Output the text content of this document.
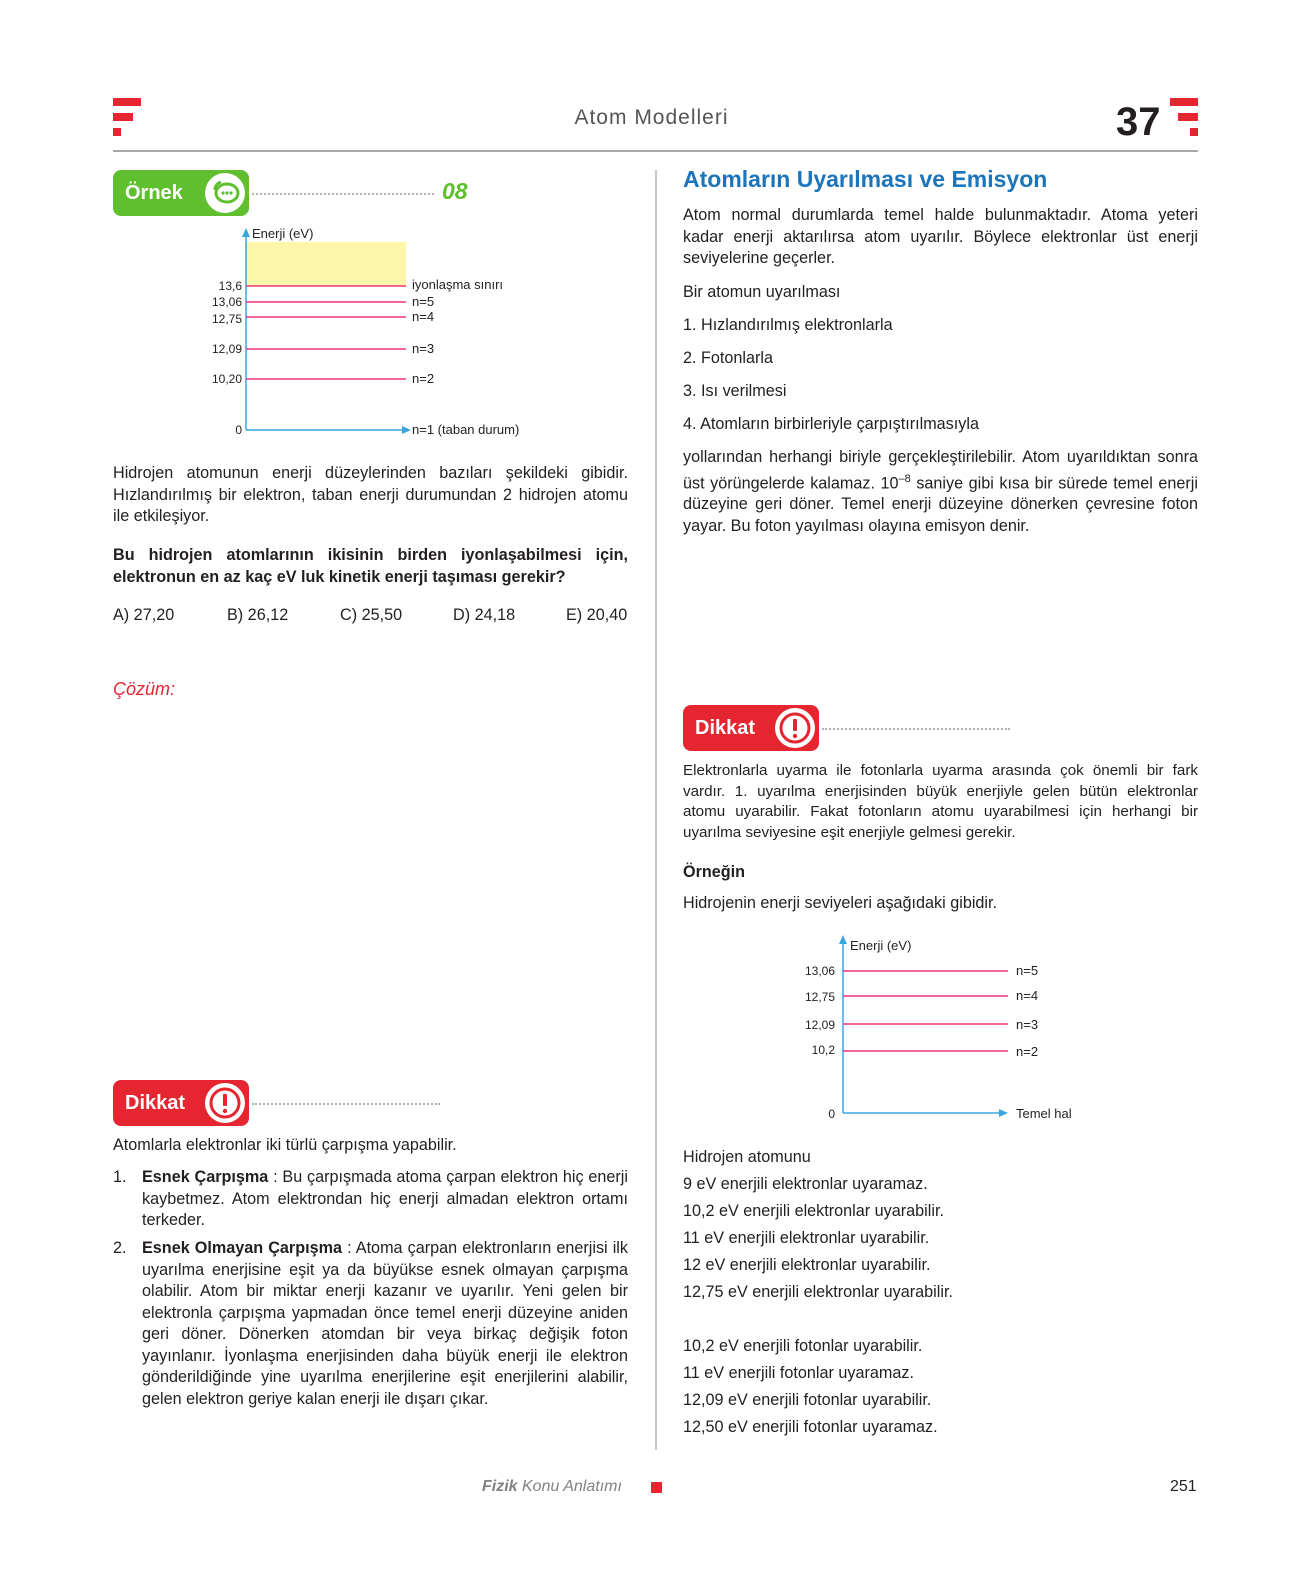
Atom Modelleri	37
Örnek	08
Enerji (eV)
13,6	iyonlaşma sınırı
13,06	n=5
12,75	n=4
12,09	n=3
10,20	n=2
0	n=1 (taban durum)
Hidrojen atomunun enerji düzeylerinden bazıları şekildeki gibidir. Hızlandırılmış bir elektron, taban enerji durumundan 2 hidrojen atomu ile etkileşiyor.
Bu hidrojen atomlarının ikisinin birden iyonlaşabilmesi için, elektronun en az kaç eV luk kinetik enerji taşıması gerekir?
A) 27,20	B) 26,12	C) 25,50	D) 24,18	E) 20,40
Çözüm:
Dikkat
Atomlarla elektronlar iki türlü çarpışma yapabilir.
1. Esnek Çarpışma : Bu çarpışmada atoma çarpan elektron hiç enerji kaybetmez. Atom elektrondan hiç enerji almadan elektron ortamı terkeder.
2. Esnek Olmayan Çarpışma : Atoma çarpan elektronların enerjisi ilk uyarılma enerjisine eşit ya da büyükse esnek olmayan çarpışma olabilir. Atom bir miktar enerji kazanır ve uyarılır. Yeni gelen bir elektronla çarpışma yapmadan önce temel enerji düzeyine aniden geri döner. Dönerken atomdan bir veya birkaç değişik foton yayınlanır. İyonlaşma enerjisinden daha büyük enerji ile elektron gönderildiğinde yine uyarılma enerjilerine eşit enerjilerini alabilir, gelen elektron geriye kalan enerji ile dışarı çıkar.
Atomların Uyarılması ve Emisyon
Atom normal durumlarda temel halde bulunmaktadır. Atoma yeteri kadar enerji aktarılırsa atom uyarılır. Böylece elektronlar üst enerji seviyelerine geçerler.
Bir atomun uyarılması
1. Hızlandırılmış elektronlarla
2. Fotonlarla
3. Isı verilmesi
4. Atomların birbirleriyle çarpıştırılmasıyla
yollarından herhangi biriyle gerçekleştirilebilir. Atom uyarıldıktan sonra üst yörüngelerde kalamaz. $10^{-8}$ saniye gibi kısa bir sürede temel enerji düzeyine geri döner. Temel enerji düzeyine dönerken çevresine foton yayar. Bu foton yayılması olayına emisyon denir.
Dikkat
Elektronlarla uyarma ile fotonlarla uyarma arasında çok önemli bir fark vardır. 1. uyarılma enerjisinden büyük enerjiyle gelen bütün elektronlar atomu uyarabilir. Fakat fotonların atomu uyarabilmesi için herhangi bir uyarılma seviyesine eşit enerjiyle gelmesi gerekir.
Örneğin
Hidrojenin enerji seviyeleri aşağıdaki gibidir.
Enerji (eV)
13,06	n=5
12,75	n=4
12,09	n=3
10,2	n=2
0	Temel hal
Hidrojen atomunu
9 eV enerjili elektronlar uyaramaz.
10,2 eV enerjili elektronlar uyarabilir.
11 eV enerjili elektronlar uyarabilir.
12 eV enerjili elektronlar uyarabilir.
12,75 eV enerjili elektronlar uyarabilir.
10,2 eV enerjili fotonlar uyarabilir.
11 eV enerjili fotonlar uyaramaz.
12,09 eV enerjili fotonlar uyarabilir.
12,50 eV enerjili fotonlar uyaramaz.
Fizik Konu Anlatımı	251
